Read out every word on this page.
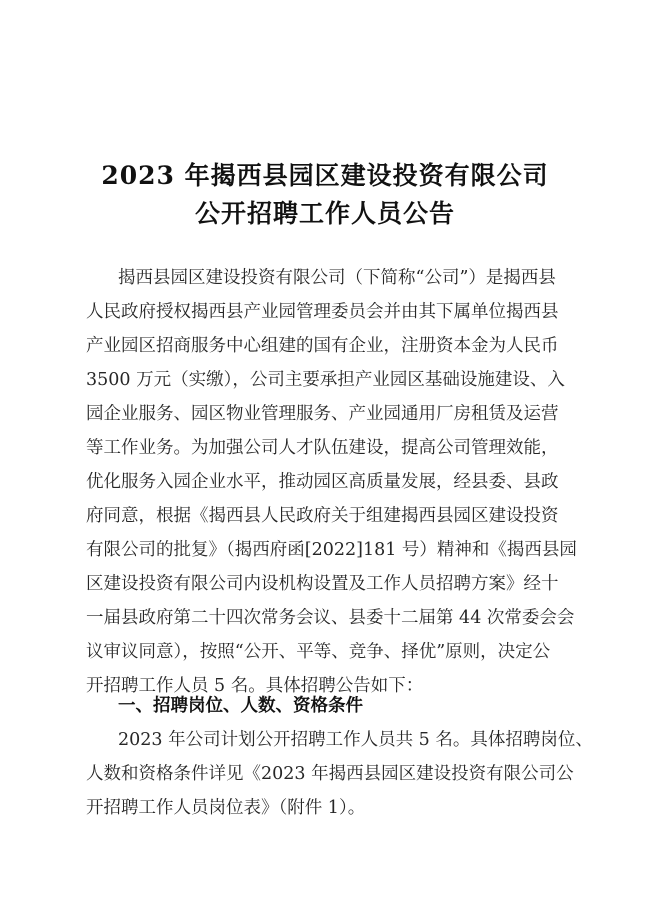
2023 年揭西县园区建设投资有限公司
公开招聘工作人员公告
揭西县园区建设投资有限公司（下简称“公司”）是揭西县
人民政府授权揭西县产业园管理委员会并由其下属单位揭西县
产业园区招商服务中心组建的国有企业，注册资本金为人民币
3500 万元（实缴），公司主要承担产业园区基础设施建设、入
园企业服务、园区物业管理服务、产业园通用厂房租赁及运营
等工作业务。为加强公司人才队伍建设，提高公司管理效能，
优化服务入园企业水平，推动园区高质量发展，经县委、县政
府同意，根据《揭西县人民政府关于组建揭西县园区建设投资
有限公司的批复》（揭西府函[2022]181 号）精神和《揭西县园
区建设投资有限公司内设机构设置及工作人员招聘方案》经十
一届县政府第二十四次常务会议、县委十二届第 44 次常委会会
议审议同意），按照“公开、平等、竞争、择优”原则，决定公
开招聘工作人员 5 名。具体招聘公告如下：
一、招聘岗位、人数、资格条件
2023 年公司计划公开招聘工作人员共 5 名。具体招聘岗位、
人数和资格条件详见《2023 年揭西县园区建设投资有限公司公
开招聘工作人员岗位表》（附件 1）。
